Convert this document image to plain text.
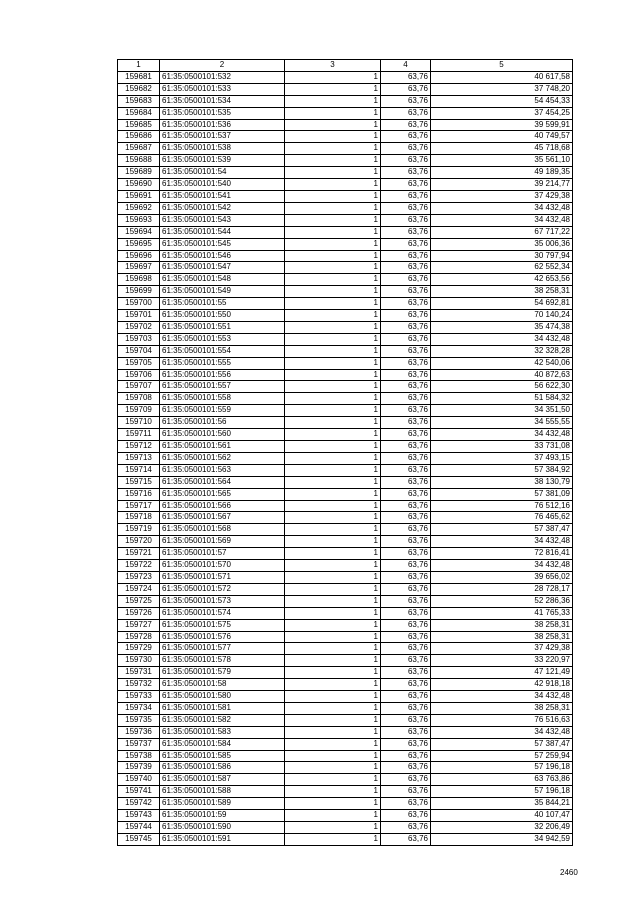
1	2	3	4	5
159681	61:35:0500101:532	1	63,76	40 617,58
159682	61:35:0500101:533	1	63,76	37 748,20
159683	61:35:0500101:534	1	63,76	54 454,33
159684	61:35:0500101:535	1	63,76	37 454,25
159685	61:35:0500101:536	1	63,76	39 599,91
159686	61:35:0500101:537	1	63,76	40 749,57
159687	61:35:0500101:538	1	63,76	45 718,68
159688	61:35:0500101:539	1	63,76	35 561,10
159689	61:35:0500101:54	1	63,76	49 189,35
159690	61:35:0500101:540	1	63,76	39 214,77
159691	61:35:0500101:541	1	63,76	37 429,38
159692	61:35:0500101:542	1	63,76	34 432,48
159693	61:35:0500101:543	1	63,76	34 432,48
159694	61:35:0500101:544	1	63,76	67 717,22
159695	61:35:0500101:545	1	63,76	35 006,36
159696	61:35:0500101:546	1	63,76	30 797,94
159697	61:35:0500101:547	1	63,76	62 552,34
159698	61:35:0500101:548	1	63,76	42 653,56
159699	61:35:0500101:549	1	63,76	38 258,31
159700	61:35:0500101:55	1	63,76	54 692,81
159701	61:35:0500101:550	1	63,76	70 140,24
159702	61:35:0500101:551	1	63,76	35 474,38
159703	61:35:0500101:553	1	63,76	34 432,48
159704	61:35:0500101:554	1	63,76	32 328,28
159705	61:35:0500101:555	1	63,76	42 540,06
159706	61:35:0500101:556	1	63,76	40 872,63
159707	61:35:0500101:557	1	63,76	56 622,30
159708	61:35:0500101:558	1	63,76	51 584,32
159709	61:35:0500101:559	1	63,76	34 351,50
159710	61:35:0500101:56	1	63,76	34 555,55
159711	61:35:0500101:560	1	63,76	34 432,48
159712	61:35:0500101:561	1	63,76	33 731,08
159713	61:35:0500101:562	1	63,76	37 493,15
159714	61:35:0500101:563	1	63,76	57 384,92
159715	61:35:0500101:564	1	63,76	38 130,79
159716	61:35:0500101:565	1	63,76	57 381,09
159717	61:35:0500101:566	1	63,76	76 512,16
159718	61:35:0500101:567	1	63,76	76 465,62
159719	61:35:0500101:568	1	63,76	57 387,47
159720	61:35:0500101:569	1	63,76	34 432,48
159721	61:35:0500101:57	1	63,76	72 816,41
159722	61:35:0500101:570	1	63,76	34 432,48
159723	61:35:0500101:571	1	63,76	39 656,02
159724	61:35:0500101:572	1	63,76	28 728,17
159725	61:35:0500101:573	1	63,76	52 286,36
159726	61:35:0500101:574	1	63,76	41 765,33
159727	61:35:0500101:575	1	63,76	38 258,31
159728	61:35:0500101:576	1	63,76	38 258,31
159729	61:35:0500101:577	1	63,76	37 429,38
159730	61:35:0500101:578	1	63,76	33 220,97
159731	61:35:0500101:579	1	63,76	47 121,49
159732	61:35:0500101:58	1	63,76	42 918,18
159733	61:35:0500101:580	1	63,76	34 432,48
159734	61:35:0500101:581	1	63,76	38 258,31
159735	61:35:0500101:582	1	63,76	76 516,63
159736	61:35:0500101:583	1	63,76	34 432,48
159737	61:35:0500101:584	1	63,76	57 387,47
159738	61:35:0500101:585	1	63,76	57 259,94
159739	61:35:0500101:586	1	63,76	57 196,18
159740	61:35:0500101:587	1	63,76	63 763,86
159741	61:35:0500101:588	1	63,76	57 196,18
159742	61:35:0500101:589	1	63,76	35 844,21
159743	61:35:0500101:59	1	63,76	40 107,47
159744	61:35:0500101:590	1	63,76	32 206,49
159745	61:35:0500101:591	1	63,76	34 942,59
2460
